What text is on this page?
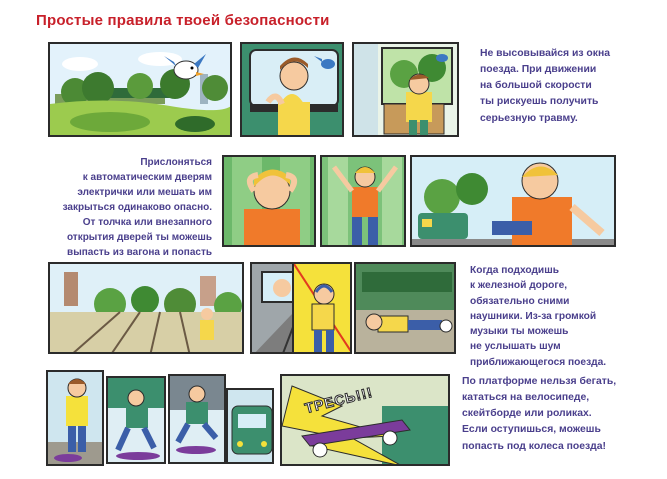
Простые правила твоей безопасности
Не высовывайся из окна
поезда. При движении
на большой скорости
ты рискуешь получить
серьезную травму.
Прислоняться
к автоматическим дверям
электрички или мешать им
закрыться одинаково опасно.
От толчка или внезапного
открытия дверей ты можешь
выпасть из вагона и попасть
Когда подходишь
к железной дороге,
обязательно сними
наушники. Из-за громкой
музыки ты можешь
не услышать шум
приближающегося поезда.
ТРЕСЬ!!!
По платформе нельзя бегать,
кататься на велосипеде,
скейтборде или роликах.
Если оступишься, можешь
попасть под колеса поезда!
